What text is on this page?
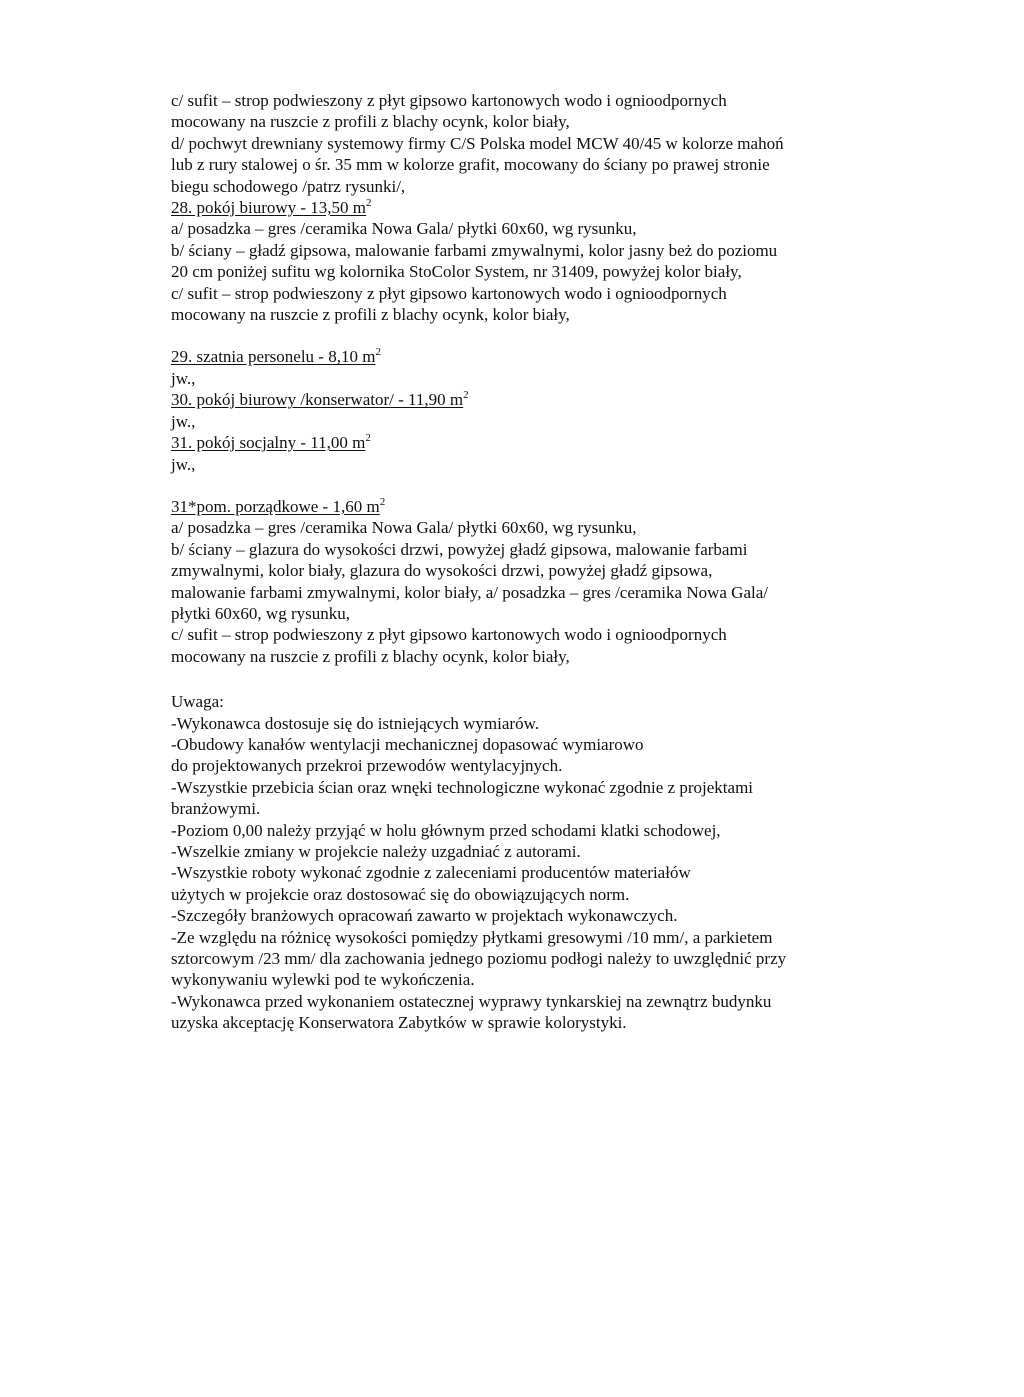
c/ sufit – strop podwieszony z płyt gipsowo kartonowych wodo i ognioodpornych
mocowany na ruszcie z profili z blachy ocynk, kolor biały,
d/ pochwyt drewniany systemowy firmy C/S Polska model MCW 40/45 w kolorze mahoń
lub z rury stalowej o śr. 35 mm w kolorze grafit, mocowany do ściany po prawej stronie
biegu schodowego /patrz rysunki/,
28. pokój biurowy - 13,50 $m^2$
a/ posadzka – gres /ceramika Nowa Gala/ płytki 60x60, wg rysunku,
b/ ściany – gładź gipsowa, malowanie farbami zmywalnymi, kolor jasny beż do poziomu
20 cm poniżej sufitu wg kolornika StoColor System, nr 31409, powyżej kolor biały,
c/ sufit – strop podwieszony z płyt gipsowo kartonowych wodo i ognioodpornych
mocowany na ruszcie z profili z blachy ocynk, kolor biały,
29. szatnia personelu - 8,10 $m^2$
jw.,
30. pokój biurowy /konserwator/ - 11,90 $m^2$
jw.,
31. pokój socjalny - 11,00 $m^2$
jw.,
31*pom. porządkowe - 1,60 $m^2$
a/ posadzka – gres /ceramika Nowa Gala/ płytki 60x60, wg rysunku,
b/ ściany – glazura do wysokości drzwi, powyżej gładź gipsowa, malowanie farbami
zmywalnymi, kolor biały, glazura do wysokości drzwi, powyżej gładź gipsowa,
malowanie farbami zmywalnymi, kolor biały, a/ posadzka – gres /ceramika Nowa Gala/
płytki 60x60, wg rysunku,
c/ sufit – strop podwieszony z płyt gipsowo kartonowych wodo i ognioodpornych
mocowany na ruszcie z profili z blachy ocynk, kolor biały,
Uwaga:
-Wykonawca dostosuje się do istniejących wymiarów.
-Obudowy kanałów wentylacji mechanicznej dopasować wymiarowo
do projektowanych przekroi przewodów wentylacyjnych.
-Wszystkie przebicia ścian oraz wnęki technologiczne wykonać zgodnie z projektami
branżowymi.
-Poziom 0,00 należy przyjąć w holu głównym przed schodami klatki schodowej,
-Wszelkie zmiany w projekcie należy uzgadniać z autorami.
-Wszystkie roboty wykonać zgodnie z zaleceniami producentów materiałów
użytych w projekcie oraz dostosować się do obowiązujących norm.
-Szczegóły branżowych opracowań zawarto w projektach wykonawczych.
-Ze względu na różnicę wysokości pomiędzy płytkami gresowymi /10 mm/, a parkietem
sztorcowym /23 mm/ dla zachowania jednego poziomu podłogi należy to uwzględnić przy
wykonywaniu wylewki pod te wykończenia.
-Wykonawca przed wykonaniem ostatecznej wyprawy tynkarskiej na zewnątrz budynku
uzyska akceptację Konserwatora Zabytków w sprawie kolorystyki.
